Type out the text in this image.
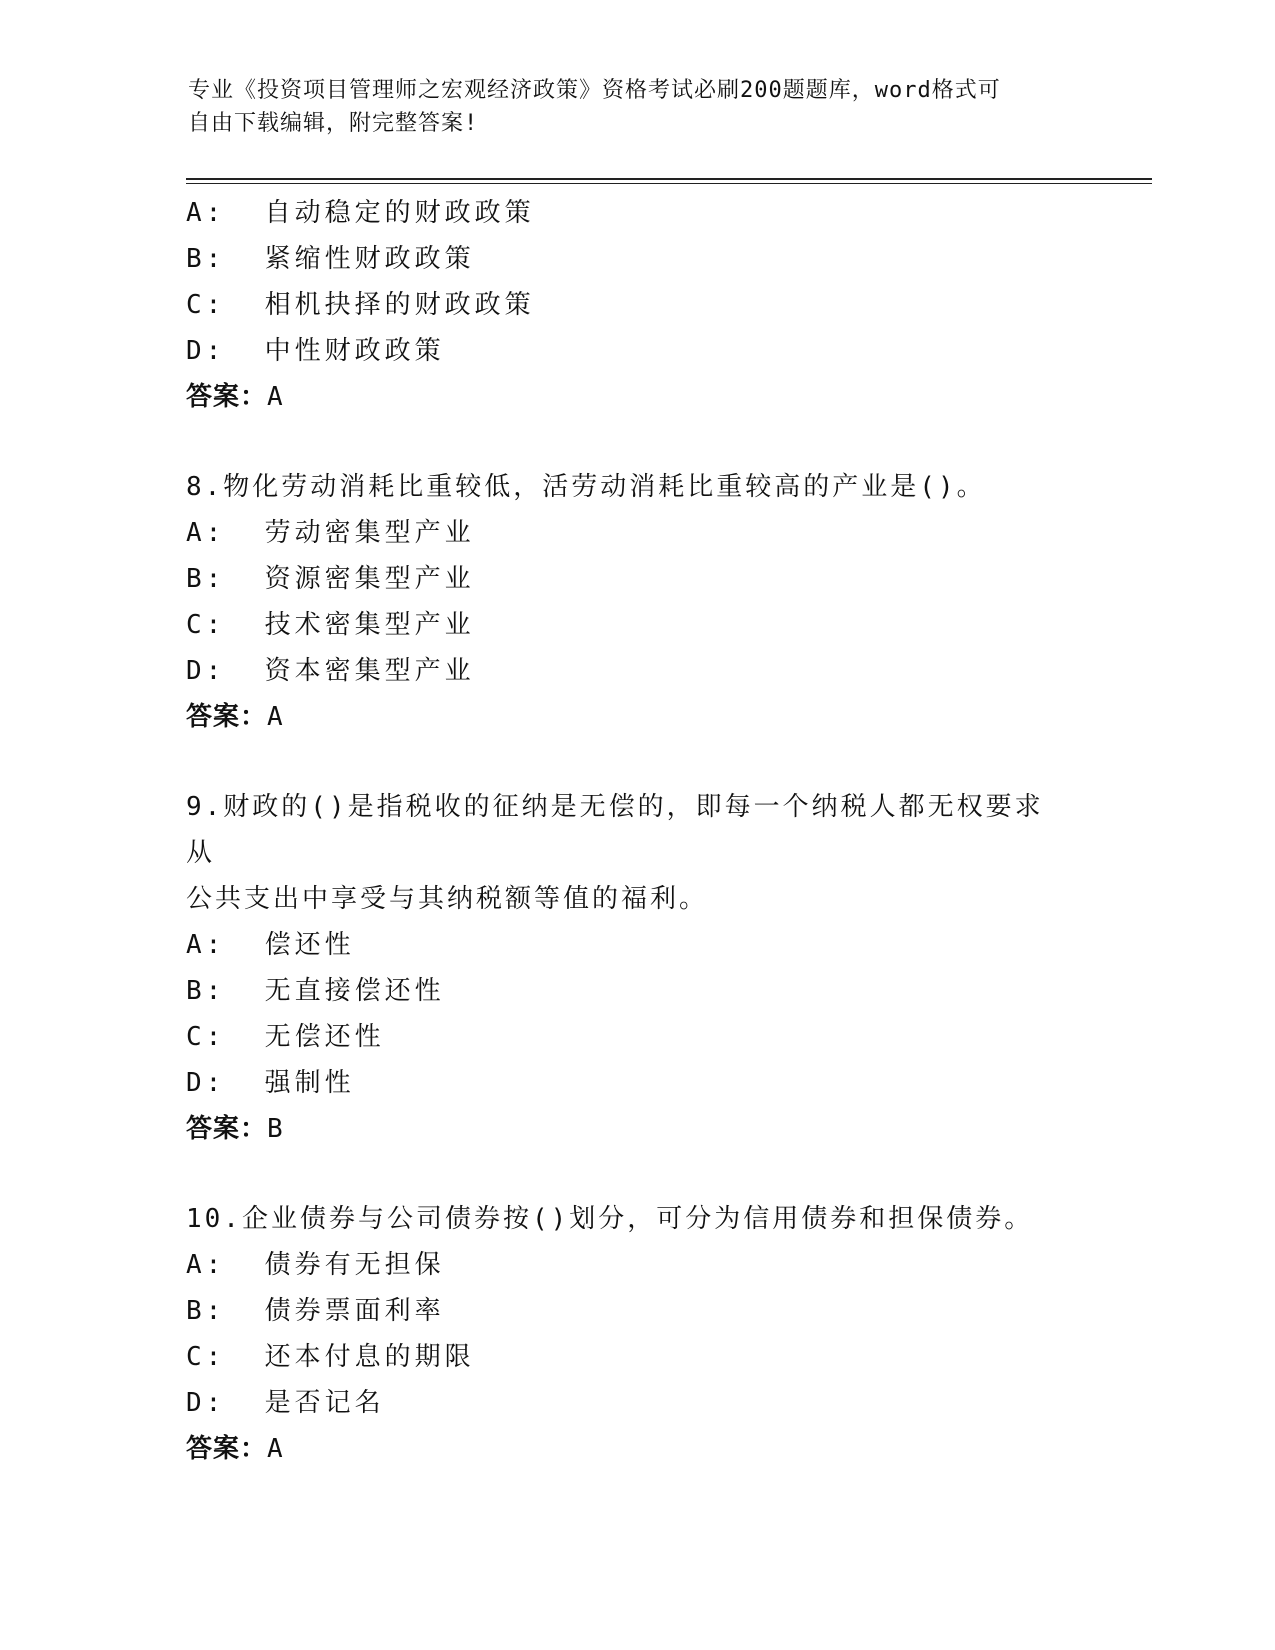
专业《投资项目管理师之宏观经济政策》资格考试必刷200题题库，word格式可
自由下载编辑，附完整答案!
A:  自动稳定的财政政策
B:  紧缩性财政政策
C:  相机抉择的财政政策
D:  中性财政政策
答案：A
8.物化劳动消耗比重较低，活劳动消耗比重较高的产业是()。
A:  劳动密集型产业
B:  资源密集型产业
C:  技术密集型产业
D:  资本密集型产业
答案：A
9.财政的()是指税收的征纳是无偿的，即每一个纳税人都无权要求从
公共支出中享受与其纳税额等值的福利。
A:  偿还性
B:  无直接偿还性
C:  无偿还性
D:  强制性
答案：B
10.企业债券与公司债券按()划分，可分为信用债券和担保债券。
A:  债券有无担保
B:  债券票面利率
C:  还本付息的期限
D:  是否记名
答案：A
